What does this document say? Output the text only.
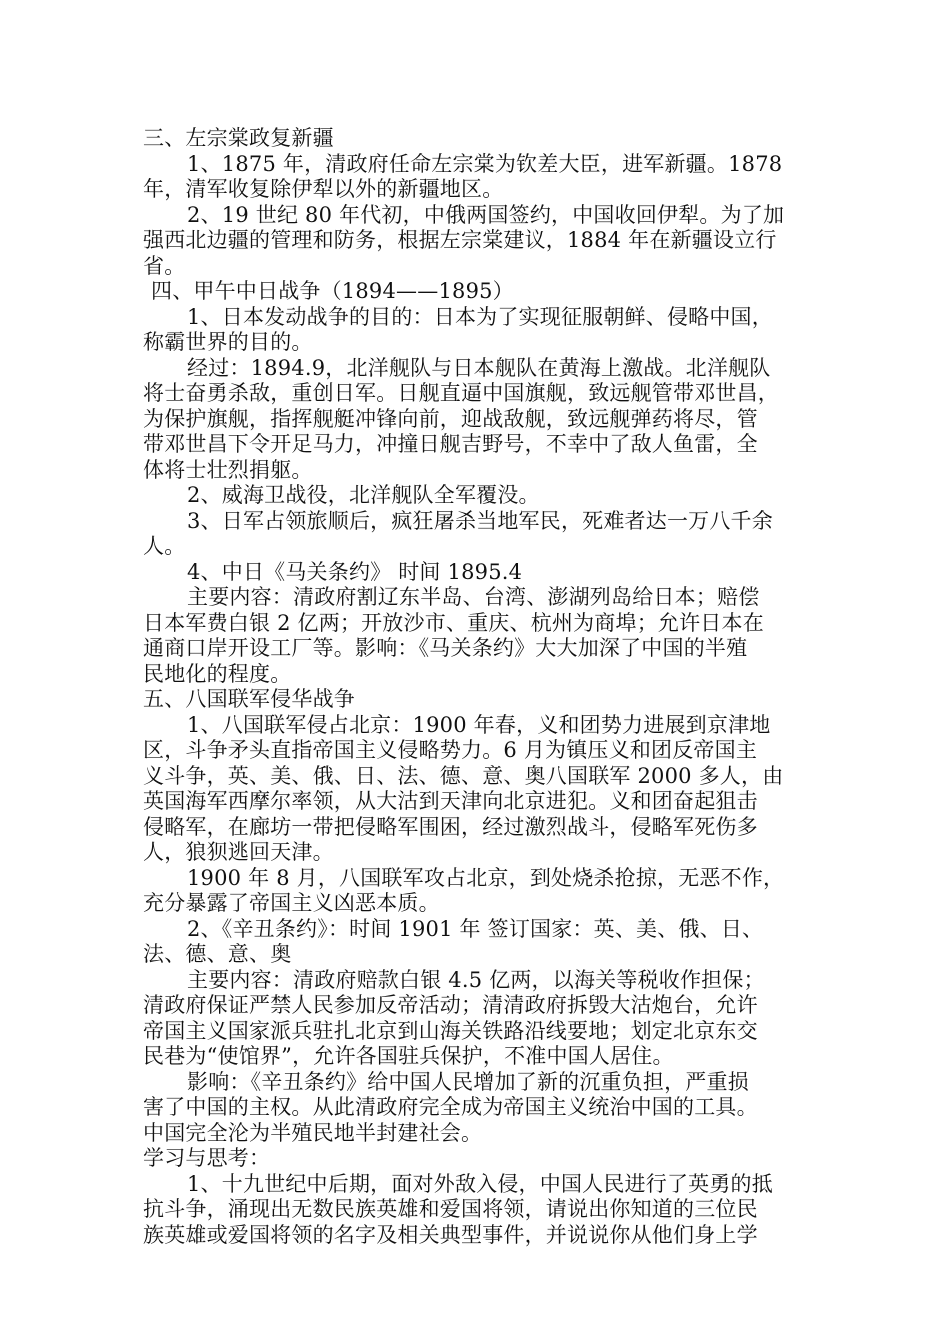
三、左宗棠政复新疆
1、1875 年，清政府任命左宗棠为钦差大臣，进军新疆。1878
年，清军收复除伊犁以外的新疆地区。
2、19 世纪 80 年代初，中俄两国签约，中国收回伊犁。为了加
强西北边疆的管理和防务，根据左宗棠建议，1884 年在新疆设立行
省。
四、甲午中日战争（1894——1895）
1、日本发动战争的目的：日本为了实现征服朝鲜、侵略中国，
称霸世界的目的。
经过：1894.9，北洋舰队与日本舰队在黄海上激战。北洋舰队
将士奋勇杀敌，重创日军。日舰直逼中国旗舰，致远舰管带邓世昌，
为保护旗舰，指挥舰艇冲锋向前，迎战敌舰，致远舰弹药将尽，管
带邓世昌下令开足马力，冲撞日舰吉野号，不幸中了敌人鱼雷，全
体将士壮烈捐躯。
2、威海卫战役，北洋舰队全军覆没。
3、日军占领旅顺后，疯狂屠杀当地军民，死难者达一万八千余
人。
4、中日《马关条约》 时间 1895.4
主要内容：清政府割辽东半岛、台湾、澎湖列岛给日本；赔偿
日本军费白银 2 亿两；开放沙市、重庆、杭州为商埠；允许日本在
通商口岸开设工厂等。影响：《马关条约》大大加深了中国的半殖
民地化的程度。
五、八国联军侵华战争
1、八国联军侵占北京：1900 年春，义和团势力进展到京津地
区，斗争矛头直指帝国主义侵略势力。6 月为镇压义和团反帝国主
义斗争，英、美、俄、日、法、德、意、奥八国联军 2000 多人，由
英国海军西摩尔率领，从大沽到天津向北京进犯。义和团奋起狙击
侵略军，在廊坊一带把侵略军围困，经过激烈战斗，侵略军死伤多
人，狼狈逃回天津。
1900 年 8 月，八国联军攻占北京，到处烧杀抢掠，无恶不作，
充分暴露了帝国主义凶恶本质。
2、《辛丑条约》：时间 1901 年 签订国家：英、美、俄、日、
法、德、意、奥
主要内容：清政府赔款白银 4.5 亿两，以海关等税收作担保；
清政府保证严禁人民参加反帝活动；清清政府拆毁大沽炮台，允许
帝国主义国家派兵驻扎北京到山海关铁路沿线要地；划定北京东交
民巷为“使馆界”，允许各国驻兵保护，不准中国人居住。
影响：《辛丑条约》给中国人民增加了新的沉重负担，严重损
害了中国的主权。从此清政府完全成为帝国主义统治中国的工具。
中国完全沦为半殖民地半封建社会。
学习与思考：
1、十九世纪中后期，面对外敌入侵，中国人民进行了英勇的抵
抗斗争，涌现出无数民族英雄和爱国将领，请说出你知道的三位民
族英雄或爱国将领的名字及相关典型事件，并说说你从他们身上学
